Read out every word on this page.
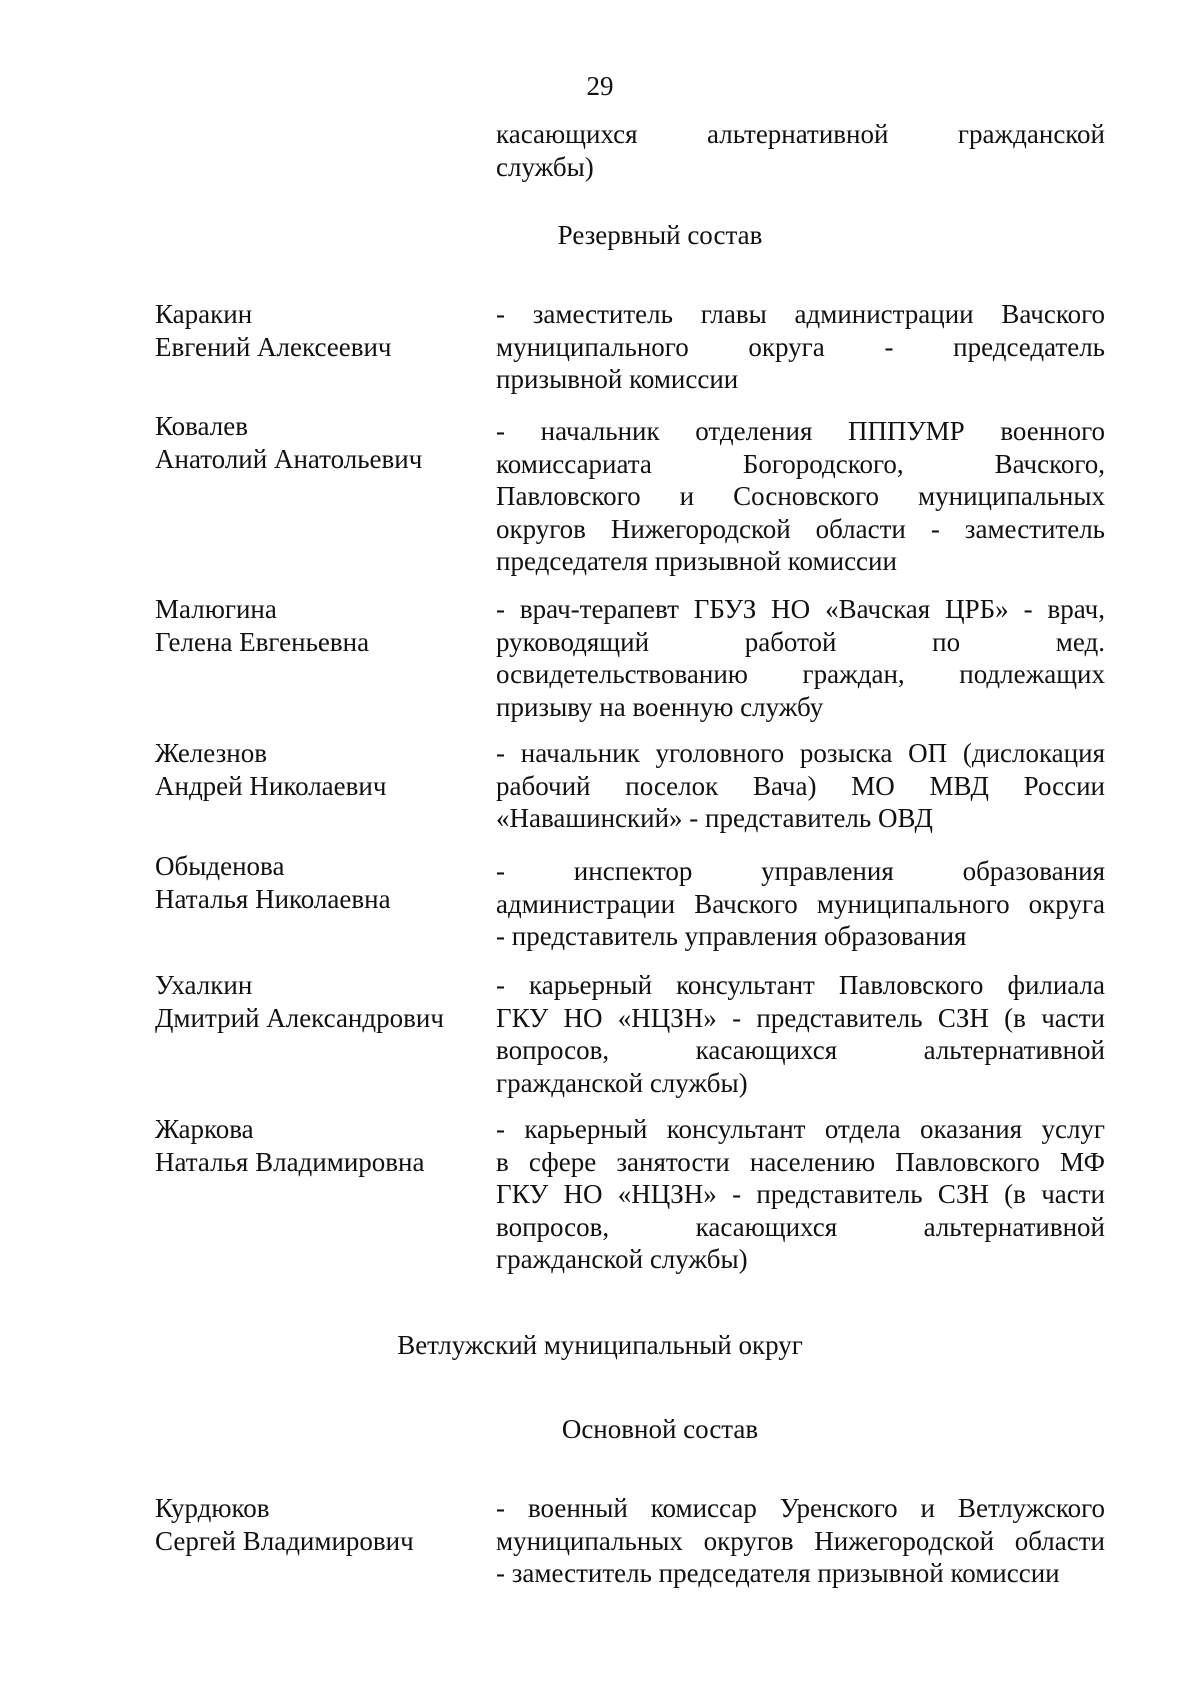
29
касающихся альтернативной гражданской
службы)
Резервный состав
Каракин
Евгений Алексеевич
- заместитель главы администрации Вачского
муниципального округа - председатель
призывной комиссии
Ковалев
Анатолий Анатольевич
- начальник отделения ПППУМР военного
комиссариата Богородского, Вачского,
Павловского и Сосновского муниципальных
округов Нижегородской области - заместитель
председателя призывной комиссии
Малюгина
Гелена Евгеньевна
- врач-терапевт ГБУЗ НО «Вачская ЦРБ» - врач,
руководящий работой по мед.
освидетельствованию граждан, подлежащих
призыву на военную службу
Железнов
Андрей Николаевич
- начальник уголовного розыска ОП (дислокация
рабочий поселок Вача) МО МВД России
«Навашинский» - представитель ОВД
Обыденова
Наталья Николаевна
- инспектор управления образования
администрации Вачского муниципального округа
- представитель управления образования
Ухалкин
Дмитрий Александрович
- карьерный консультант Павловского филиала
ГКУ НО «НЦЗН» - представитель СЗН (в части
вопросов, касающихся альтернативной
гражданской службы)
Жаркова
Наталья Владимировна
- карьерный консультант отдела оказания услуг
в сфере занятости населению Павловского МФ
ГКУ НО «НЦЗН» - представитель СЗН (в части
вопросов, касающихся альтернативной
гражданской службы)
Ветлужский муниципальный округ
Основной состав
Курдюков
Сергей Владимирович
- военный комиссар Уренского и Ветлужского
муниципальных округов Нижегородской области
- заместитель председателя призывной комиссии
